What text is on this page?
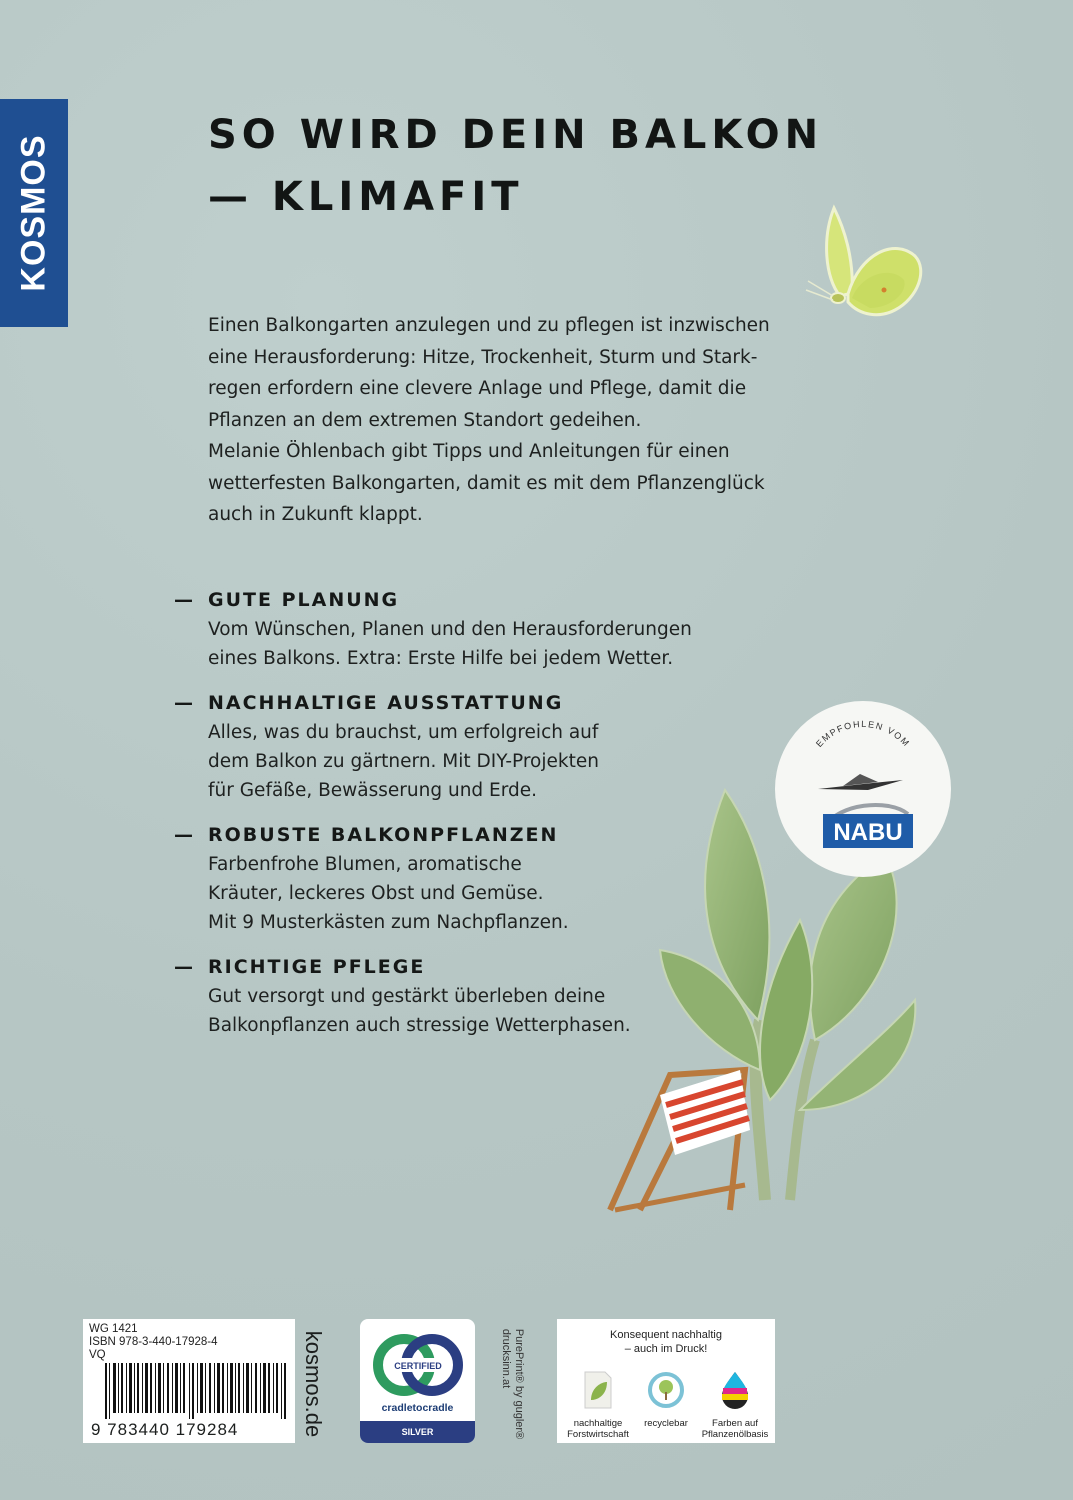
KOSMOS	SO WIRD DEIN BALKON
— KLIMAFIT

Einen Balkongarten anzulegen und zu pflegen ist inzwischen

eine Herausforderung: Hitze, Trockenheit, Sturm und Stark-

regen erfordern eine clevere Anlage und Pflege, damit die

Pflanzen an dem extremen Standort gedeihen.

Melanie Öhlenbach gibt Tipps und Anleitungen für einen

wetterfesten Balkongarten, damit es mit dem Pflanzenglück

auch in Zukunft klappt.

— GUTE PLANUNG

Vom Wünschen, Planen und den Herausforderungen

eines Balkons. Extra: Erste Hilfe bei jedem Wetter.

— NACHHALTIGE AUSSTATTUNG

Alles, was du brauchst, um erfolgreich auf

dem Balkon zu gärtnern. Mit DIY-Projekten

für Gefäße, Bewässerung und Erde.

— ROBUSTE BALKONPFLANZEN

Farbenfrohe Blumen, aromatische

Kräuter, leckeres Obst und Gemüse.

Mit 9 Musterkästen zum Nachpflanzen.

— RICHTIGE PFLEGE

Gut versorgt und gestärkt überleben deine

Balkonpflanzen auch stressige Wetterphasen.

EMPFOHLEN VOM
NABU
WG 1421
ISBN 978-3-440-17928-4
VQ
9 783440 179284	kosmos.de	CERTIFIED
cradletocradle
SILVER	PurePrint® by gugler®
drucksinn.at	Konsequent nachhaltig
– auch im Druck!
nachhaltige
Forstwirtschaft
recyclebar	Farben auf
Pflanzenölbasis
